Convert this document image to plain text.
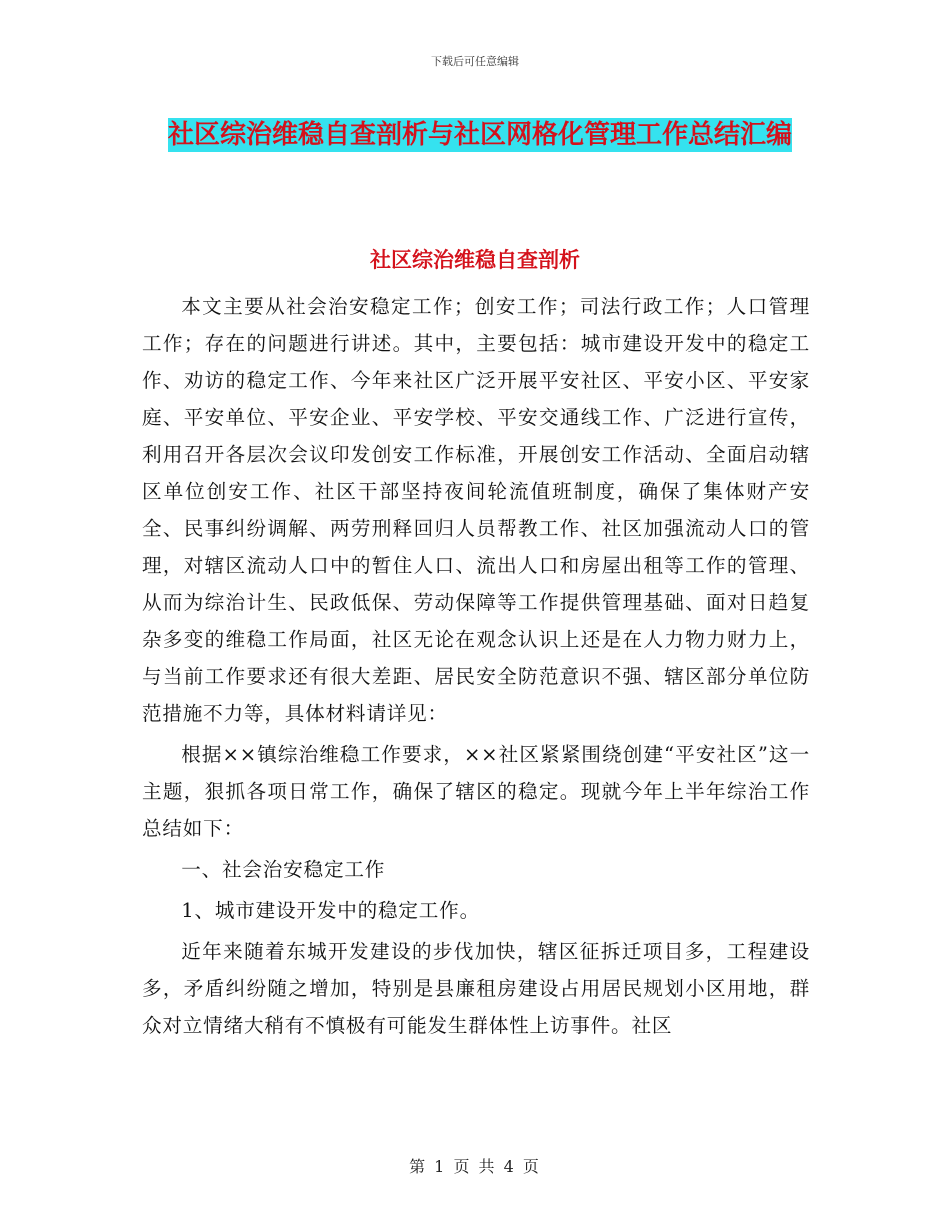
下载后可任意编辑
社区综治维稳自查剖析与社区网格化管理工作总结汇编
社区综治维稳自查剖析

本文主要从社会治安稳定工作；创安工作；司法行政工作；人口管理工作；存在的问题进行讲述。其中，主要包括：城市建设开发中的稳定工作、劝访的稳定工作、今年来社区广泛开展平安社区、平安小区、平安家庭、平安单位、平安企业、平安学校、平安交通线工作、广泛进行宣传，利用召开各层次会议印发创安工作标准，开展创安工作活动、全面启动辖区单位创安工作、社区干部坚持夜间轮流值班制度，确保了集体财产安全、民事纠纷调解、两劳刑释回归人员帮教工作、社区加强流动人口的管理，对辖区流动人口中的暂住人口、流出人口和房屋出租等工作的管理、从而为综治计生、民政低保、劳动保障等工作提供管理基础、面对日趋复杂多变的维稳工作局面，社区无论在观念认识上还是在人力物力财力上，与当前工作要求还有很大差距、居民安全防范意识不强、辖区部分单位防范措施不力等，具体材料请详见：

根据××镇综治维稳工作要求，××社区紧紧围绕创建“平安社区”这一主题，狠抓各项日常工作，确保了辖区的稳定。现就今年上半年综治工作总结如下：

一、社会治安稳定工作

1、城市建设开发中的稳定工作。

近年来随着东城开发建设的步伐加快，辖区征拆迁项目多，工程建设多，矛盾纠纷随之增加，特别是县廉租房建设占用居民规划小区用地，群众对立情绪大稍有不慎极有可能发生群体性上访事件。社区

第 1 页 共 4 页
